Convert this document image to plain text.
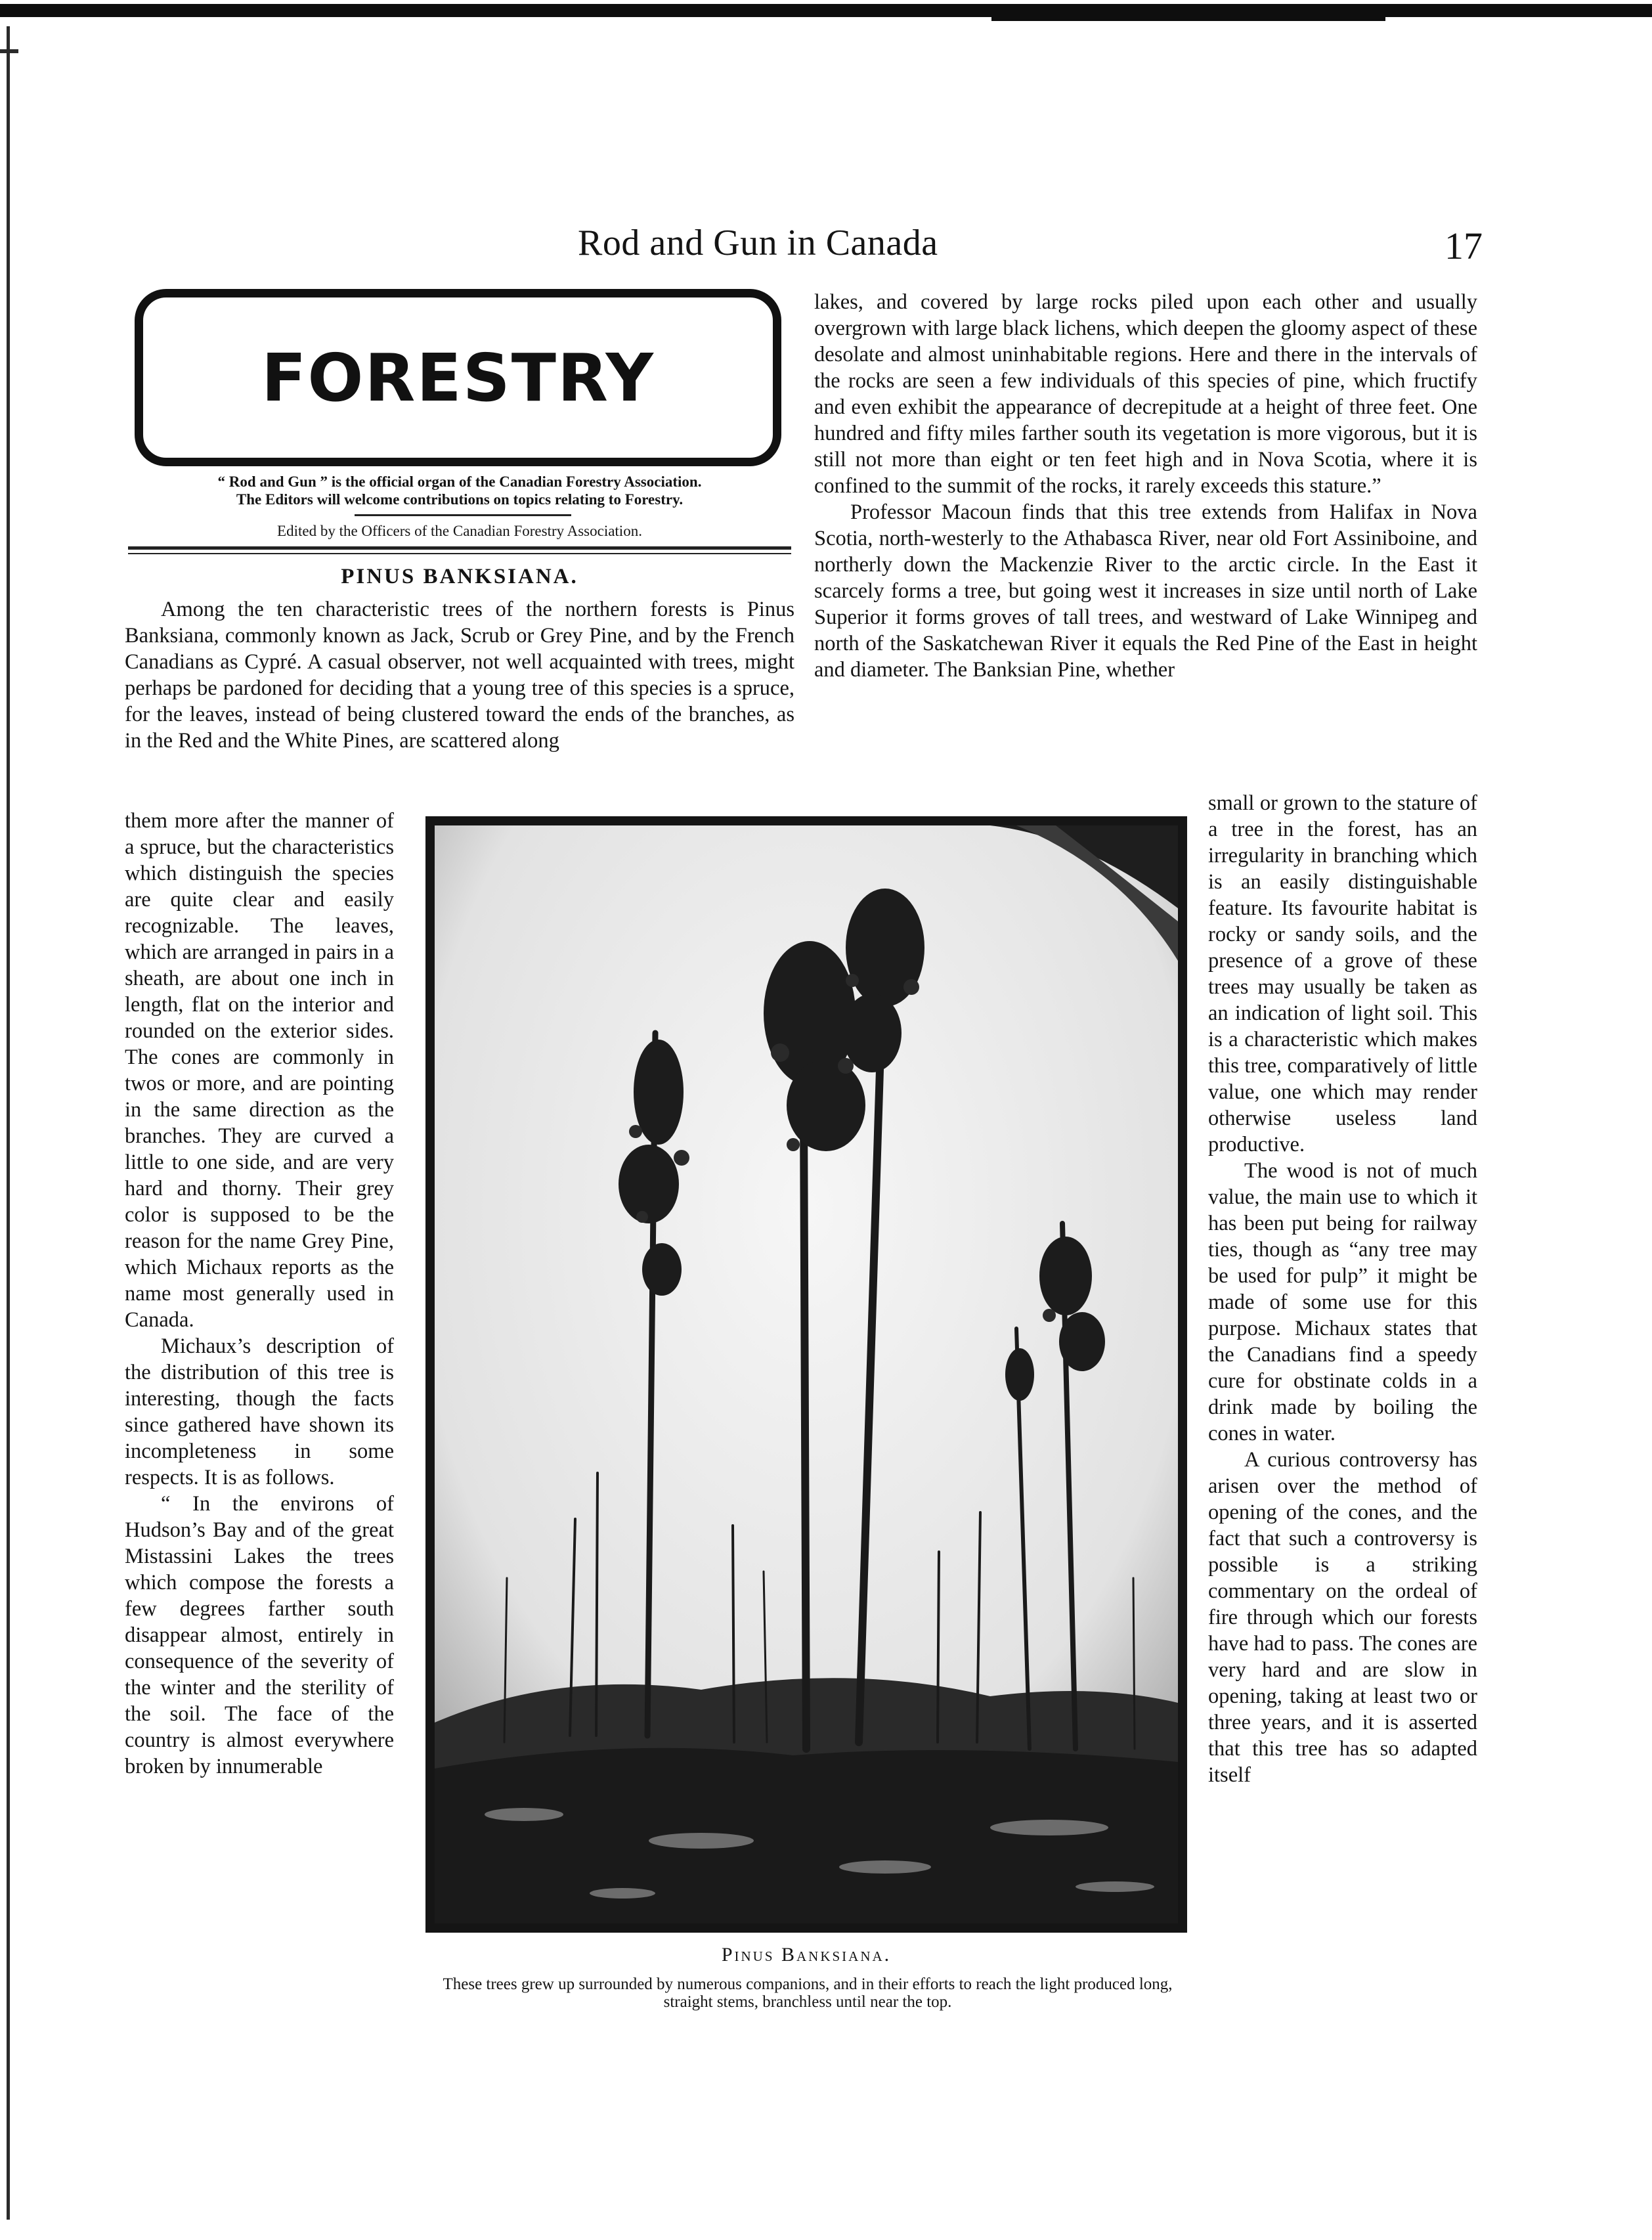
Rod and Gun in Canada	17
FORESTRY
“ Rod and Gun ” is the official organ of the Canadian Forestry Association.
The Editors will welcome contributions on topics relating to Forestry.
Edited by the Officers of the Canadian Forestry Association.
PINUS BANKSIANA.

Among the ten characteristic trees of the northern forests is Pinus Banksiana, commonly known as Jack, Scrub or Grey Pine, and by the French Canadians as Cypré. A casual observer, not well acquainted with trees, might perhaps be pardoned for deciding that a young tree of this species is a spruce, for the leaves, instead of being clustered toward the ends of the branches, as in the Red and the White Pines, are scattered along

them more after the manner of a spruce, but the characteristics which distinguish the species are quite clear and easily recognizable. The leaves, which are arranged in pairs in a sheath, are about one inch in length, flat on the interior and rounded on the exterior sides. The cones are commonly in twos or more, and are pointing in the same direction as the branches. They are curved a little to one side, and are very hard and thorny. Their grey color is supposed to be the reason for the name Grey Pine, which Michaux reports as the name most generally used in Canada.

Michaux’s description of the distribution of this tree is interesting, though the facts since gathered have shown its incompleteness in some respects. It is as follows.

“ In the environs of Hudson’s Bay and of the great Mistassini Lakes the trees which compose the forests a few degrees farther south disappear almost, entirely in consequence of the severity of the winter and the sterility of the soil. The face of the country is almost everywhere broken by innumerable

lakes, and covered by large rocks piled upon each other and usually overgrown with large black lichens, which deepen the gloomy aspect of these desolate and almost uninhabitable regions. Here and there in the intervals of the rocks are seen a few individuals of this species of pine, which fructify and even exhibit the appearance of decrepitude at a height of three feet. One hundred and fifty miles farther south its vegetation is more vigorous, but it is still not more than eight or ten feet high and in Nova Scotia, where it is confined to the summit of the rocks, it rarely exceeds this stature.”

Professor Macoun finds that this tree extends from Halifax in Nova Scotia, north-westerly to the Athabasca River, near old Fort Assiniboine, and northerly down the Mackenzie River to the arctic circle. In the East it scarcely forms a tree, but going west it increases in size until north of Lake Superior it forms groves of tall trees, and westward of Lake Winnipeg and north of the Saskatchewan River it equals the Red Pine of the East in height and diameter. The Banksian Pine, whether

small or grown to the stature of a tree in the forest, has an irregularity in branching which is an easily distinguishable feature. Its favourite habitat is rocky or sandy soils, and the presence of a grove of these trees may usually be taken as an indication of light soil. This is a characteristic which makes this tree, comparatively of little value, one which may render otherwise useless land productive.

The wood is not of much value, the main use to which it has been put being for railway ties, though as “any tree may be used for pulp” it might be made of some use for this purpose. Michaux states that the Canadians find a speedy cure for obstinate colds in a drink made by boiling the cones in water.

A curious controversy has arisen over the method of opening of the cones, and the fact that such a controversy is possible is a striking commentary on the ordeal of fire through which our forests have had to pass. The cones are very hard and are slow in opening, taking at least two or three years, and it is asserted that this tree has so adapted itself

Pinus Banksiana.
These trees grew up surrounded by numerous companions, and in their efforts to reach the light produced long, straight stems, branchless until near the top.
